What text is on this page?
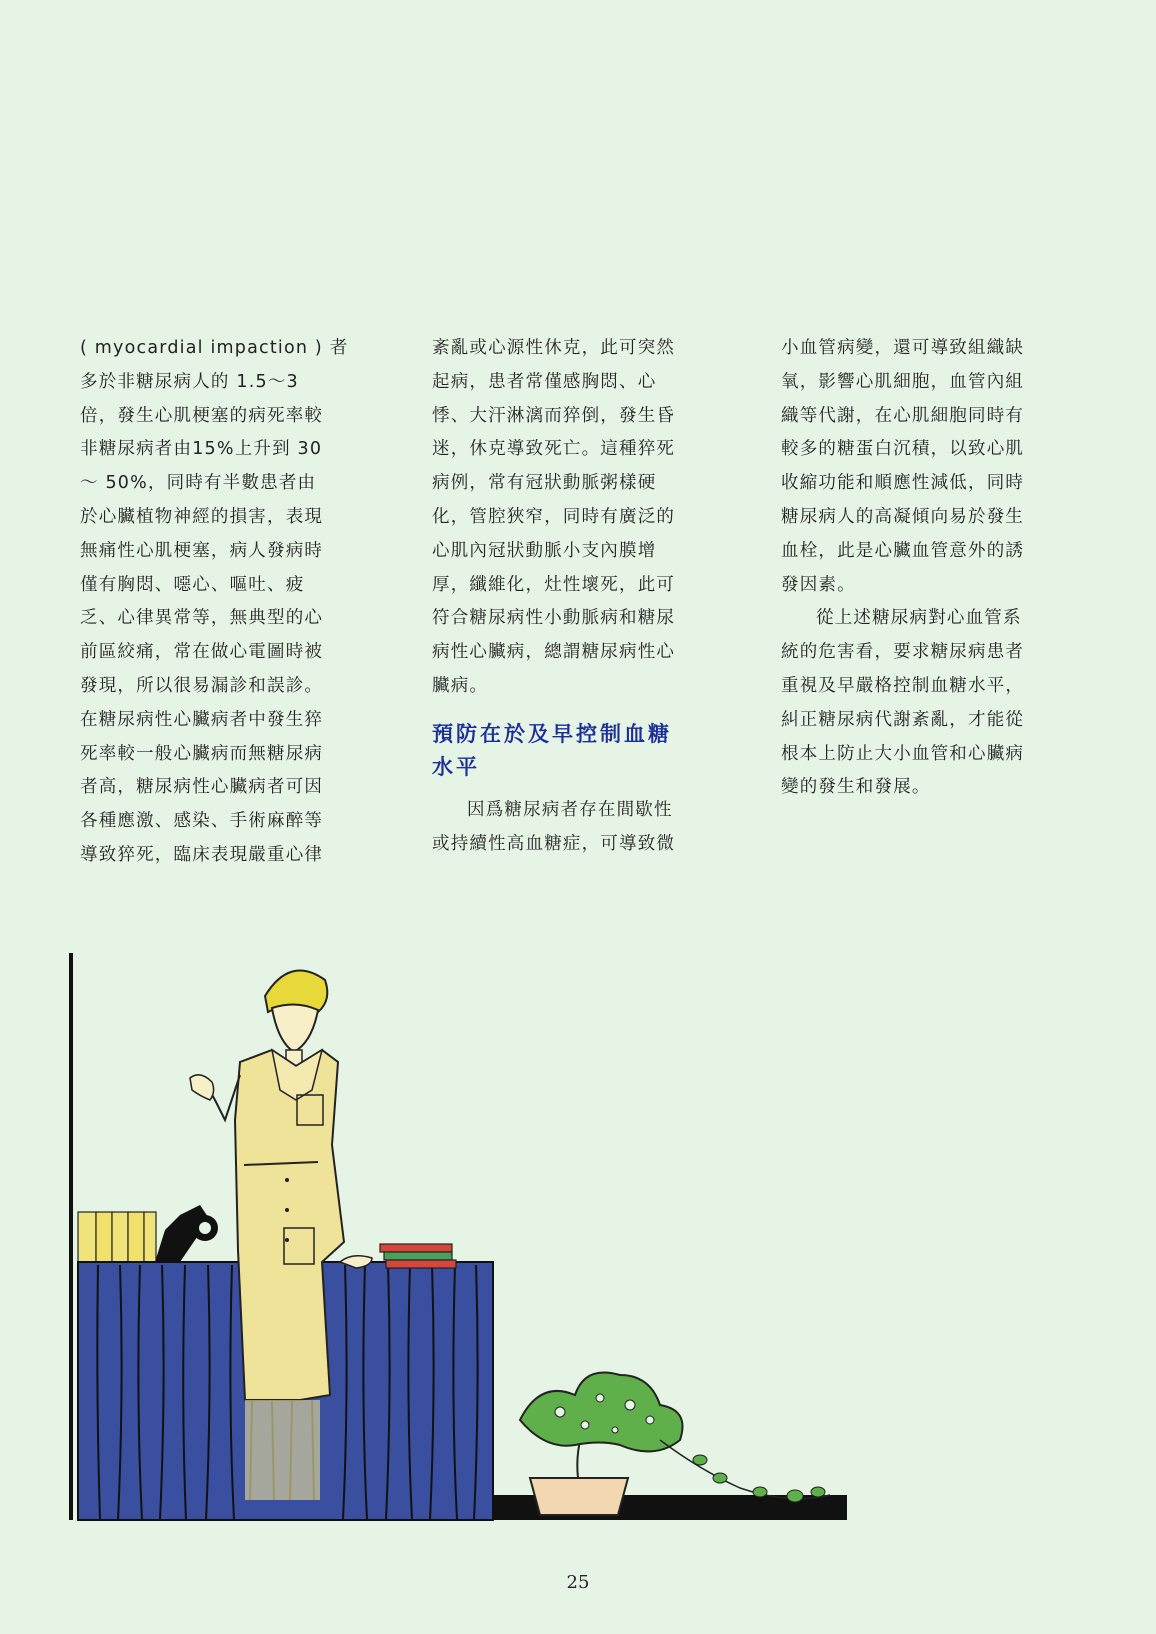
( myocardial impaction ) 者
多於非糖尿病人的 1.5～3
倍，發生心肌梗塞的病死率較
非糖尿病者由15%上升到 30
～ 50%，同時有半數患者由
於心臟植物神經的損害，表現
無痛性心肌梗塞，病人發病時
僅有胸悶、噁心、嘔吐、疲
乏、心律異常等，無典型的心
前區絞痛，常在做心電圖時被
發現，所以很易漏診和誤診。
在糖尿病性心臟病者中發生猝
死率較一般心臟病而無糖尿病
者高，糖尿病性心臟病者可因
各種應激、感染、手術麻醉等
導致猝死，臨床表現嚴重心律
紊亂或心源性休克，此可突然
起病，患者常僅感胸悶、心
悸、大汗淋漓而猝倒，發生昏
迷，休克導致死亡。這種猝死
病例，常有冠狀動脈粥樣硬
化，管腔狹窄，同時有廣泛的
心肌內冠狀動脈小支內膜增
厚，纖維化，灶性壞死，此可
符合糖尿病性小動脈病和糖尿
病性心臟病，總謂糖尿病性心
臟病。
預防在於及早控制血糖
水平
因爲糖尿病者存在間歇性
或持續性高血糖症，可導致微
小血管病變，還可導致組織缺
氧，影響心肌細胞，血管內組
織等代謝，在心肌細胞同時有
較多的糖蛋白沉積，以致心肌
收縮功能和順應性減低，同時
糖尿病人的高凝傾向易於發生
血栓，此是心臟血管意外的誘
發因素。
從上述糖尿病對心血管系
統的危害看，要求糖尿病患者
重視及早嚴格控制血糖水平，
糾正糖尿病代謝紊亂，才能從
根本上防止大小血管和心臟病
變的發生和發展。
25
